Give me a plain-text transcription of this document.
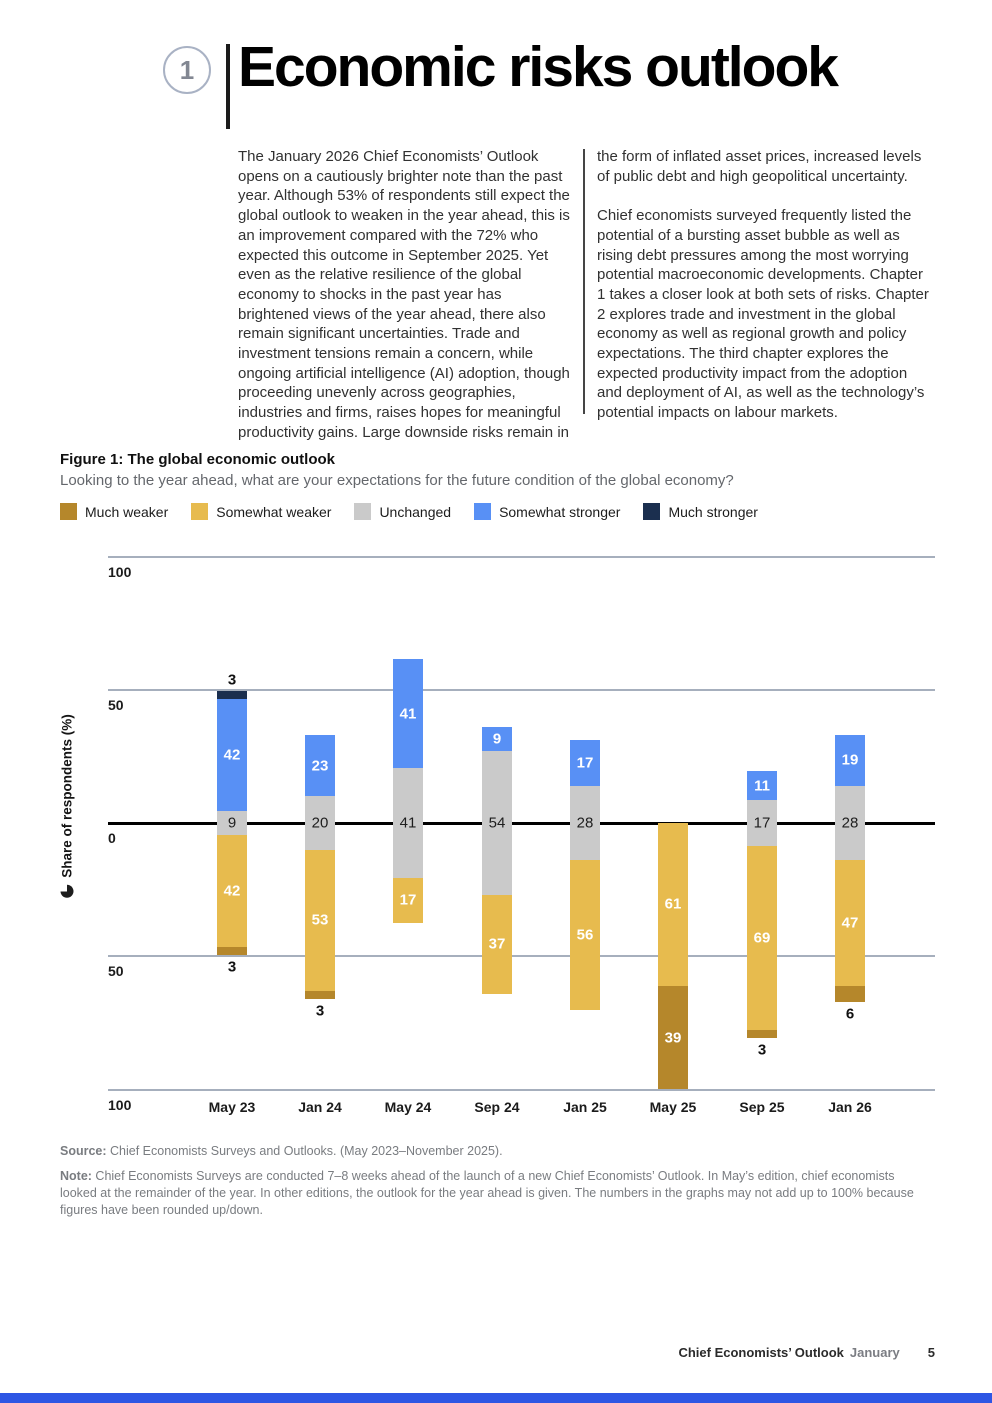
1 Economic risks outlook

The January 2026 Chief Economists’ Outlook opens on a cautiously brighter note than the past year. Although 53% of respondents still expect the global outlook to weaken in the year ahead, this is an improvement compared with the 72% who expected this outcome in September 2025. Yet even as the relative resilience of the global economy to shocks in the past year has brightened views of the year ahead, there also remain significant uncertainties. Trade and investment tensions remain a concern, while ongoing artificial intelligence (AI) adoption, though proceeding unevenly across geographies, industries and firms, raises hopes for meaningful productivity gains. Large downside risks remain in

the form of inflated asset prices, increased levels of public debt and high geopolitical uncertainty.

Chief economists surveyed frequently listed the potential of a bursting asset bubble as well as rising debt pressures among the most worrying potential macroeconomic developments. Chapter 1 takes a closer look at both sets of risks. Chapter 2 explores trade and investment in the global economy as well as regional growth and policy expectations. The third chapter explores the expected productivity impact from the adoption and deployment of AI, as well as the technology’s potential impacts on labour markets.

Figure 1: The global economic outlook
Looking to the year ahead, what are your expectations for the future condition of the global economy?
Much weaker	Somewhat weaker	Unchanged	Somewhat stronger	Much stronger
Share of respondents (%)
100
50
0
50
100
3
42
9
42
3
May 23
23
20
53
3
Jan 24
41
41
17
May 24
9
54
37
Sep 24
17
28
56
Jan 25
61
39
May 25
11
17
69
3
Sep 25
19
28
47
6
Jan 26

Source: Chief Economists Surveys and Outlooks. (May 2023–November 2025).

Note: Chief Economists Surveys are conducted 7–8 weeks ahead of the launch of a new Chief Economists’ Outlook. In May’s edition, chief economists looked at the remainder of the year. In other editions, the outlook for the year ahead is given. The numbers in the graphs may not add up to 100% because figures have been rounded up/down.

Chief Economists’ Outlook January 5
